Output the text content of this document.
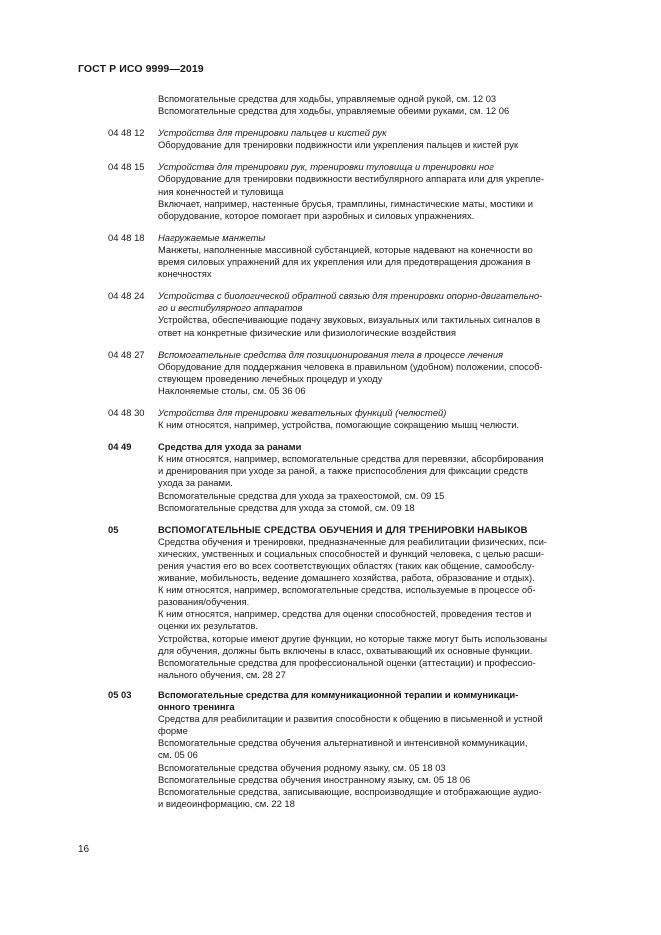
ГОСТ Р ИСО 9999—2019
Вспомогательные средства для ходьбы, управляемые одной рукой, см. 12 03
Вспомогательные средства для ходьбы, управляемые обеими руками, см. 12 06
04 48 12 Устройства для тренировки пальцев и кистей рук
Оборудование для тренировки подвижности или укрепления пальцев и кистей рук
04 48 15 Устройства для тренировки рук, тренировки туловища и тренировки ног
Оборудование для тренировки подвижности вестибулярного аппарата или для укрепле-
ния конечностей и туловища
Включает, например, настенные брусья, трамплины, гимнастические маты, мостики и
оборудование, которое помогает при аэробных и силовых упражнениях.
04 48 18 Нагружаемые манжеты
Манжеты, наполненные массивной субстанцией, которые надевают на конечности во
время силовых упражнений для их укрепления или для предотвращения дрожания в
конечностях
04 48 24 Устройства с биологической обратной связью для тренировки опорно-двигательно-
го и вестибулярного аппаратов
Устройства, обеспечивающие подачу звуковых, визуальных или тактильных сигналов в
ответ на конкретные физические или физиологические воздействия
04 48 27 Вспомогательные средства для позиционирования тела в процессе лечения
Оборудование для поддержания человека в правильном (удобном) положении, способ-
ствующем проведению лечебных процедур и уходу
Наклоняемые столы, см. 05 36 06
04 48 30 Устройства для тренировки жевательных функций (челюстей)
К ним относятся, например, устройства, помогающие сокращению мышц челюсти.
04 49	Средства для ухода за ранами
К ним относятся, например, вспомогательные средства для перевязки, абсорбирования
и дренирования при уходе за раной, а также приспособления для фиксации средств
ухода за ранами.
Вспомогательные средства для ухода за трахеостомой, см. 09 15
Вспомогательные средства для ухода за стомой, см. 09 18
05	ВСПОМОГАТЕЛЬНЫЕ СРЕДСТВА ОБУЧЕНИЯ И ДЛЯ ТРЕНИРОВКИ НАВЫКОВ
Средства обучения и тренировки, предназначенные для реабилитации физических, пси-
хических, умственных и социальных способностей и функций человека, с целью расши-
рения участия его во всех соответствующих областях (таких как общение, самообслу-
живание, мобильность, ведение домашнего хозяйства, работа, образование и отдых).
К ним относятся, например, вспомогательные средства, используемые в процессе об-
разования/обучения.
К ним относятся, например, средства для оценки способностей, проведения тестов и
оценки их результатов.
Устройства, которые имеют другие функции, но которые также могут быть использованы
для обучения, должны быть включены в класс, охватывающий их основные функции.
Вспомогательные средства для профессиональной оценки (аттестации) и профессио-
нального обучения, см. 28 27
05 03	Вспомогательные средства для коммуникационной терапии и коммуникаци-
онного тренинга
Средства для реабилитации и развития способности к общению в письменной и устной
форме
Вспомогательные средства обучения альтернативной и интенсивной коммуникации,
см. 05 06
Вспомогательные средства обучения родному языку, см. 05 18 03
Вспомогательные средства обучения иностранному языку, см. 05 18 06
Вспомогательные средства, записывающие, воспроизводящие и отображающие аудио-
и видеоинформацию, см. 22 18
16
